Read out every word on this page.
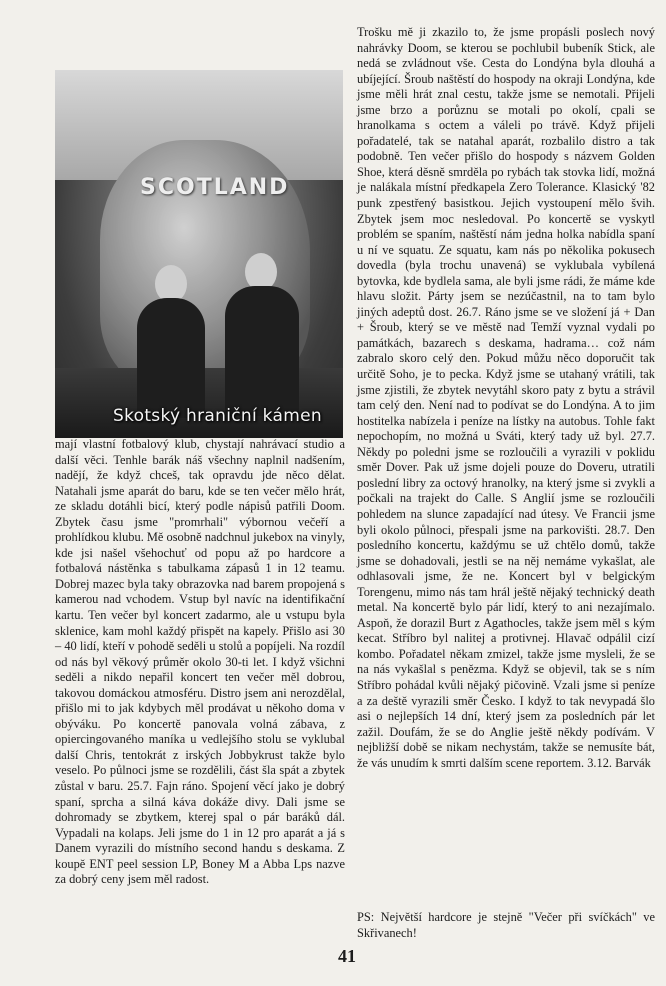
SCOTLAND
Skotský hraniční kámen

mají vlastní fotbalový klub, chystají nahrávací studio a další věci. Tenhle barák náš všechny naplnil nadšením, nadějí, že když chceš, tak opravdu jde něco dělat. Natahali jsme aparát do baru, kde se ten večer mělo hrát, ze skladu dotáhli bicí, který podle nápisů patřili Doom. Zbytek času jsme "promrhali" výbornou večeří a prohlídkou klubu. Mě osobně nadchnul jukebox na vinyly, kde jsi našel všehochuť od popu až po hardcore a fotbalová nástěnka s tabulkama zápasů 1 in 12 teamu. Dobrej mazec byla taky obrazovka nad barem propojená s kamerou nad vchodem. Vstup byl navíc na identifikační kartu. Ten večer byl koncert zadarmo, ale u vstupu byla sklenice, kam mohl každý přispět na kapely. Přišlo asi 30 – 40 lidí, kteří v pohodě seděli u stolů a popíjeli. Na rozdíl od nás byl věkový průměr okolo 30-ti let. I když všichni seděli a nikdo nepařil koncert ten večer měl dobrou, takovou domáckou atmosféru. Distro jsem ani nerozdělal, přišlo mi to jak kdybych měl prodávat u někoho doma v obýváku. Po koncertě panovala volná zábava, z opiercingovaného maníka u vedlejšího stolu se vyklubal další Chris, tentokrát z irských Jobbykrust takže bylo veselo. Po půlnoci jsme se rozdělili, část šla spát a zbytek zůstal v baru. 25.7. Fajn ráno. Spojení věcí jako je dobrý spaní, sprcha a silná káva dokáže divy. Dali jsme se dohromady se zbytkem, kterej spal o pár baráků dál. Vypadali na kolaps. Jeli jsme do 1 in 12 pro aparát a já s Danem vyrazili do místního second handu s deskama. Z koupě ENT peel session LP, Boney M a Abba Lps nazve za dobrý ceny jsem měl radost.

Trošku mě ji zkazilo to, že jsme propásli poslech nový nahrávky Doom, se kterou se pochlubil bubeník Stick, ale nedá se zvládnout vše. Cesta do Londýna byla dlouhá a ubíjející. Šroub naštěstí do hospody na okraji Londýna, kde jsme měli hrát znal cestu, takže jsme se nemotali. Přijeli jsme brzo a porůznu se motali po okolí, cpali se hranolkama s octem a váleli po trávě. Když přijeli pořadatelé, tak se natahal aparát, rozbalilo distro a tak podobně. Ten večer přišlo do hospody s názvem Golden Shoe, která děsně smrděla po rybách tak stovka lidí, možná je nalákala místní předkapela Zero Tolerance. Klasický '82 punk zpestřený basistkou. Jejich vystoupení mělo švih. Zbytek jsem moc nesledoval. Po koncertě se vyskytl problém se spaním, naštěstí nám jedna holka nabídla spaní u ní ve squatu. Ze squatu, kam nás po několika pokusech dovedla (byla trochu unavená) se vyklubala vybílená bytovka, kde bydlela sama, ale byli jsme rádi, že máme kde hlavu složit. Párty jsem se nezúčastnil, na to tam bylo jiných adeptů dost. 26.7. Ráno jsme se ve složení já + Dan + Šroub, který se ve městě nad Temží vyznal vydali po památkách, bazarech s deskama, hadrama… což nám zabralo skoro celý den. Pokud můžu něco doporučit tak určitě Soho, je to pecka. Když jsme se utahaný vrátili, tak jsme zjistili, že zbytek nevytáhl skoro paty z bytu a strávil tam celý den. Není nad to podívat se do Londýna. A to jim hostitelka nabízela i peníze na lístky na autobus. Tohle fakt nepochopím, no možná u Sváti, který tady už byl. 27.7. Někdy po poledni jsme se rozloučili a vyrazili v poklidu směr Dover. Pak už jsme dojeli pouze do Doveru, utratili poslední libry za octový hranolky, na který jsme si zvykli a počkali na trajekt do Calle. S Anglií jsme se rozloučili pohledem na slunce zapadající nad útesy. Ve Francii jsme byli okolo půlnoci, přespali jsme na parkovišti. 28.7. Den posledního koncertu, každýmu se už chtělo domů, takže jsme se dohadovali, jestli se na něj nemáme vykašlat, ale odhlasovali jsme, že ne. Koncert byl v belgickým Torengenu, mimo nás tam hrál ještě nějaký technický death metal. Na koncertě bylo pár lidí, který to ani nezajímalo. Aspoň, že dorazil Burt z Agathocles, takže jsem měl s kým kecat. Stříbro byl nalitej a protivnej. Hlavač odpálil cizí kombo. Pořadatel někam zmizel, takže jsme mysleli, že se na nás vykašlal s penězma. Když se objevil, tak se s ním Stříbro pohádal kvůli nějaký pičovině. Vzali jsme si peníze a za deště vyrazili směr Česko. I když to tak nevypadá šlo asi o nejlepších 14 dní, který jsem za posledních pár let zažil. Doufám, že se do Anglie ještě někdy podívám. V nejbližší době se nikam nechystám, takže se nemusíte bát, že vás unudím k smrti dalším scene reportem. 3.12. Barvák

PS: Největší hardcore je stejně "Večer při svíčkách" ve Skřivanech!

41
